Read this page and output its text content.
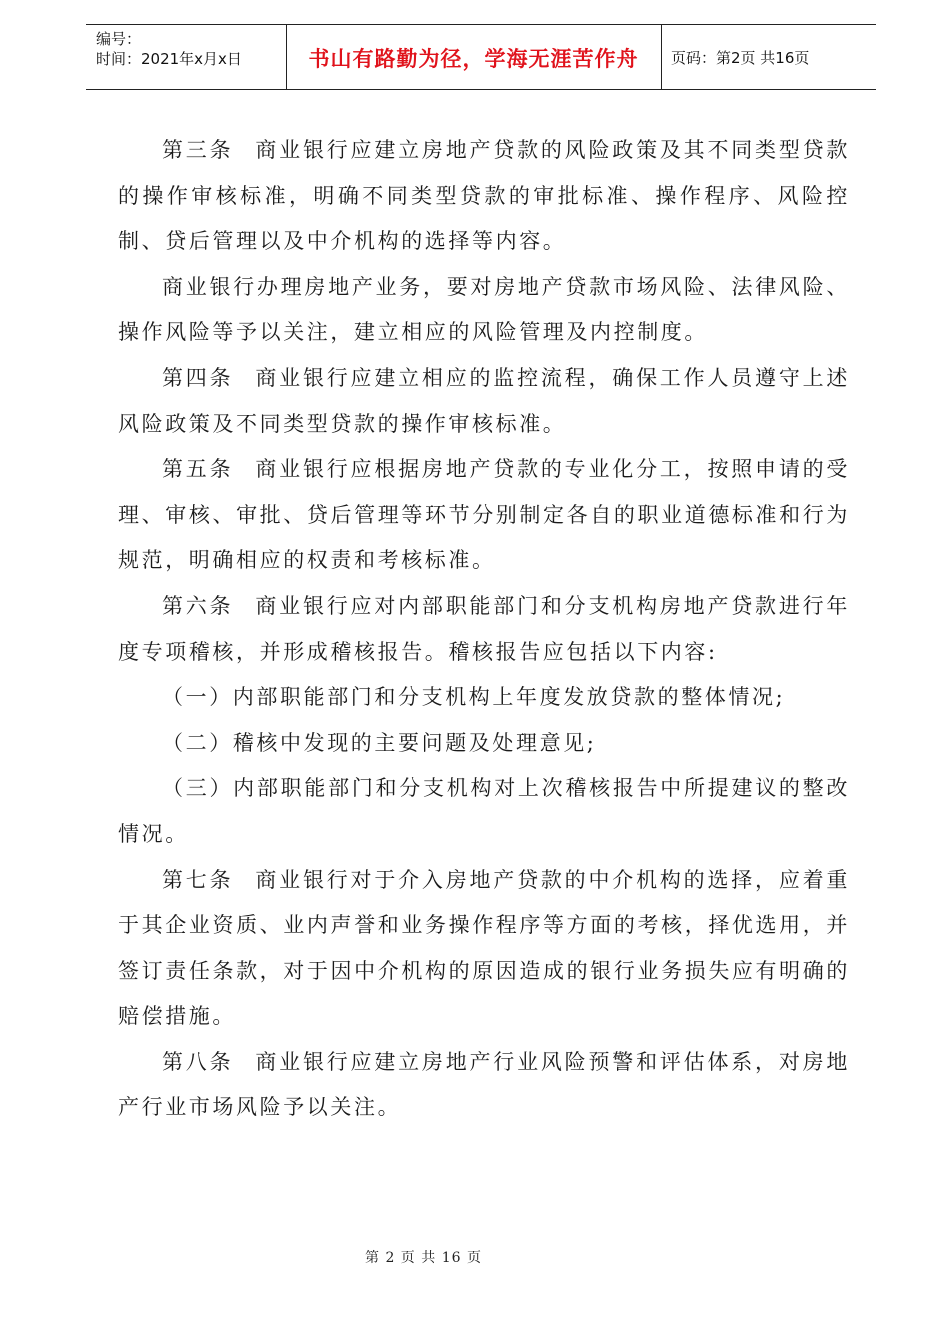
编号：
时间：2021年x月x日	书山有路勤为径，学海无涯苦作舟	页码：第2页 共16页

第三条 商业银行应建立房地产贷款的风险政策及其不同类型贷款的操作审核标准，明确不同类型贷款的审批标准、操作程序、风险控制、贷后管理以及中介机构的选择等内容。

商业银行办理房地产业务，要对房地产贷款市场风险、法律风险、操作风险等予以关注，建立相应的风险管理及内控制度。

第四条 商业银行应建立相应的监控流程，确保工作人员遵守上述风险政策及不同类型贷款的操作审核标准。

第五条 商业银行应根据房地产贷款的专业化分工，按照申请的受理、审核、审批、贷后管理等环节分别制定各自的职业道德标准和行为规范，明确相应的权责和考核标准。

第六条 商业银行应对内部职能部门和分支机构房地产贷款进行年度专项稽核，并形成稽核报告。稽核报告应包括以下内容:

（一）内部职能部门和分支机构上年度发放贷款的整体情况;

（二）稽核中发现的主要问题及处理意见;

（三）内部职能部门和分支机构对上次稽核报告中所提建议的整改情况。

第七条 商业银行对于介入房地产贷款的中介机构的选择，应着重于其企业资质、业内声誉和业务操作程序等方面的考核，择优选用，并签订责任条款，对于因中介机构的原因造成的银行业务损失应有明确的赔偿措施。

第八条 商业银行应建立房地产行业风险预警和评估体系，对房地产行业市场风险予以关注。

第 2 页 共 16 页
